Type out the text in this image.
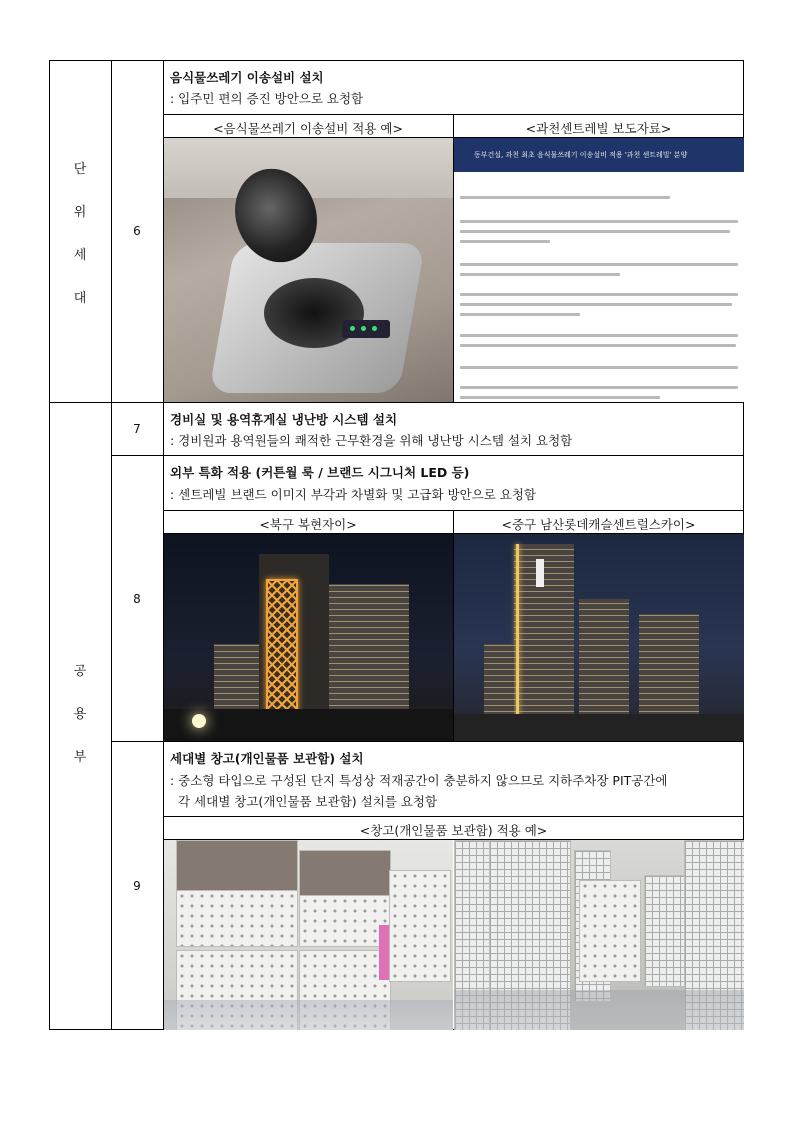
단
위
세
대
공
용
부
6
7
8
9
음식물쓰레기 이송설비 설치
: 입주민 편의 증진 방안으로 요청함
<음식물쓰레기 이송설비 적용 예>	<과천센트레빌 보도자료>
동부건설, 과천 최초 음식물쓰레기 이송설비 적용 '과천 센트레빌' 분양
경비실 및 용역휴게실 냉난방 시스템 설치
: 경비원과 용역원들의 쾌적한 근무환경을 위해 냉난방 시스템 설치 요청함
외부 특화 적용 (커튼월 룩 / 브랜드 시그니처 LED 등)
: 센트레빌 브랜드 이미지 부각과 차별화 및 고급화 방안으로 요청함
<북구 복현자이>	<중구 남산롯데캐슬센트럴스카이>
세대별 창고(개인물품 보관함) 설치
: 중소형 타입으로 구성된 단지 특성상 적재공간이 충분하지 않으므로 지하주차장 PIT공간에
각 세대별 창고(개인물품 보관함) 설치를 요청함
<창고(개인물품 보관함) 적용 예>
